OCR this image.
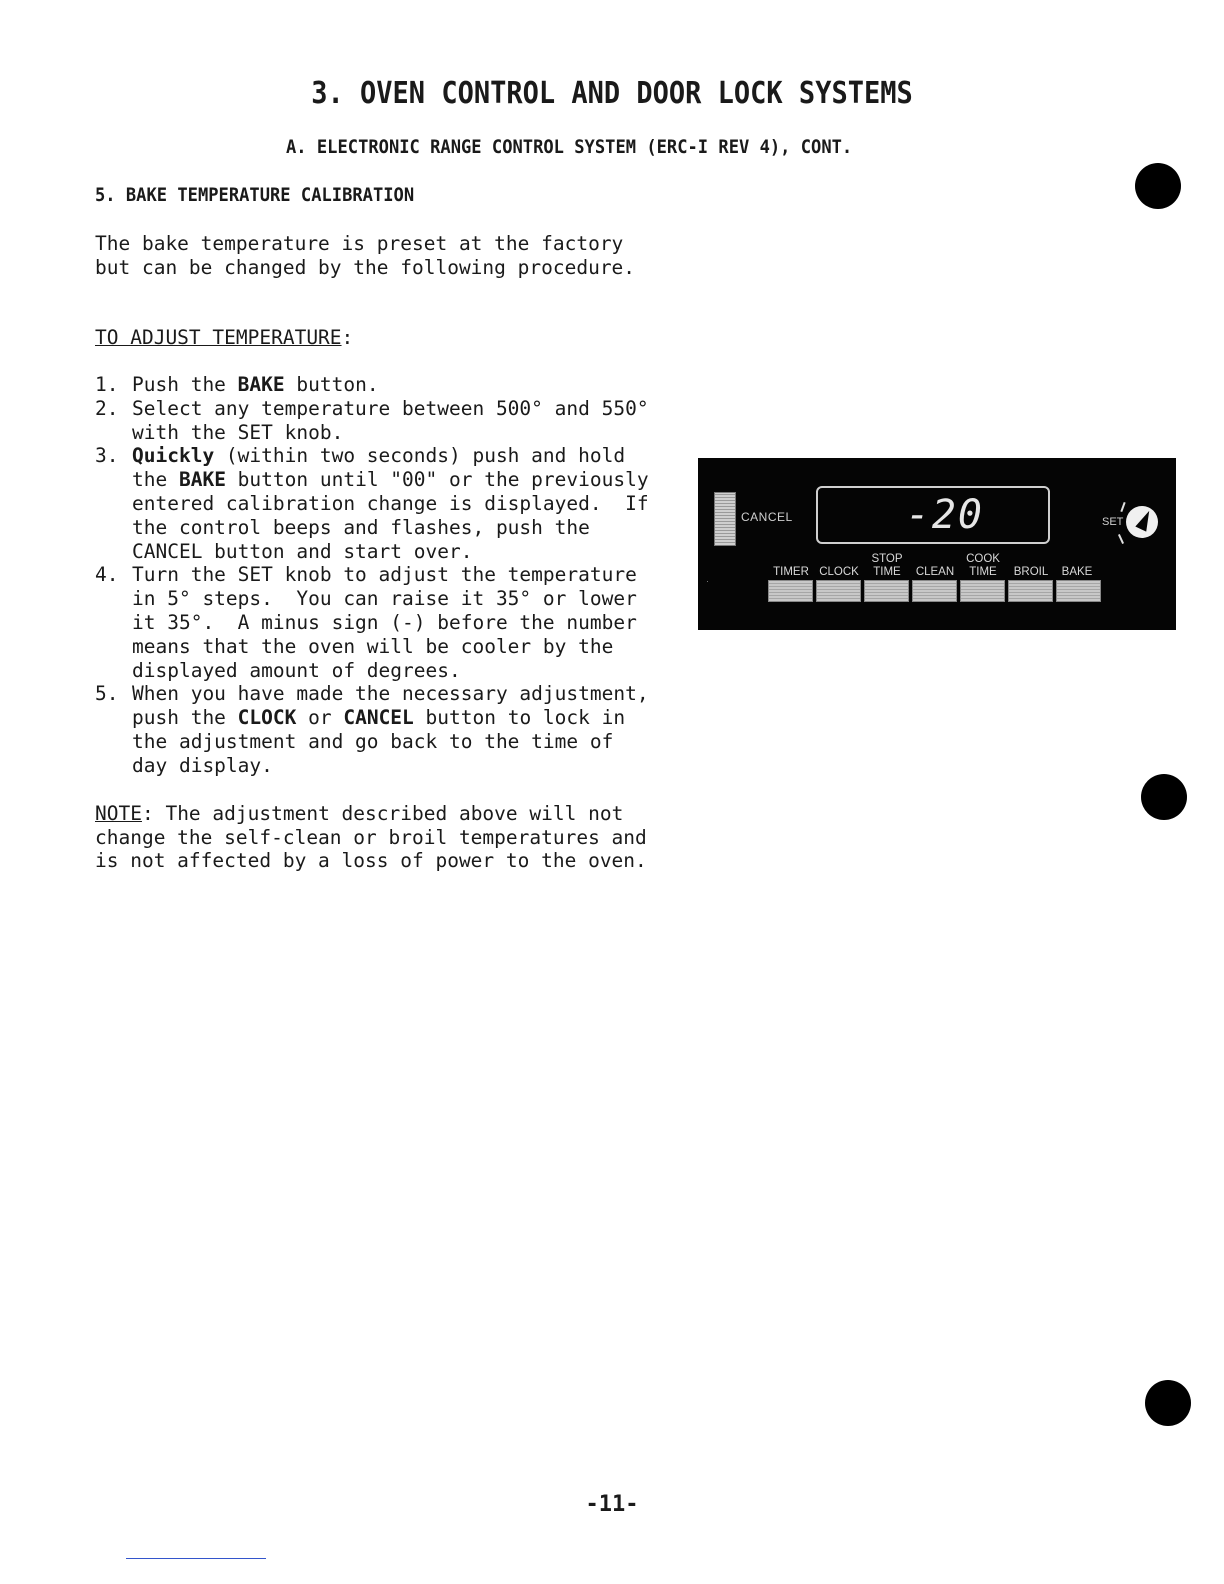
3. OVEN CONTROL AND DOOR LOCK SYSTEMS
A. ELECTRONIC RANGE CONTROL SYSTEM (ERC-I REV 4), CONT.
5. BAKE TEMPERATURE CALIBRATION
The bake temperature is preset at the factory
but can be changed by the following procedure.
TO ADJUST TEMPERATURE:
1. Push the BAKE button.
2. Select any temperature between 500° and 550°
with the SET knob.
3. Quickly (within two seconds) push and hold
the BAKE button until "00" or the previously
entered calibration change is displayed.  If
the control beeps and flashes, push the
CANCEL button and start over.
4. Turn the SET knob to adjust the temperature
in 5° steps.  You can raise it 35° or lower
it 35°.  A minus sign (-) before the number
means that the oven will be cooler by the
displayed amount of degrees.
5. When you have made the necessary adjustment,
push the CLOCK or CANCEL button to lock in
the adjustment and go back to the time of
day display.
NOTE: The adjustment described above will not
change the self-clean or broil temperatures and
is not affected by a loss of power to the oven.
CANCEL	-20	SET
·
TIMER CLOCK
STOP
TIME	CLEAN
COOK
TIME	BROIL	BAKE
-11-
